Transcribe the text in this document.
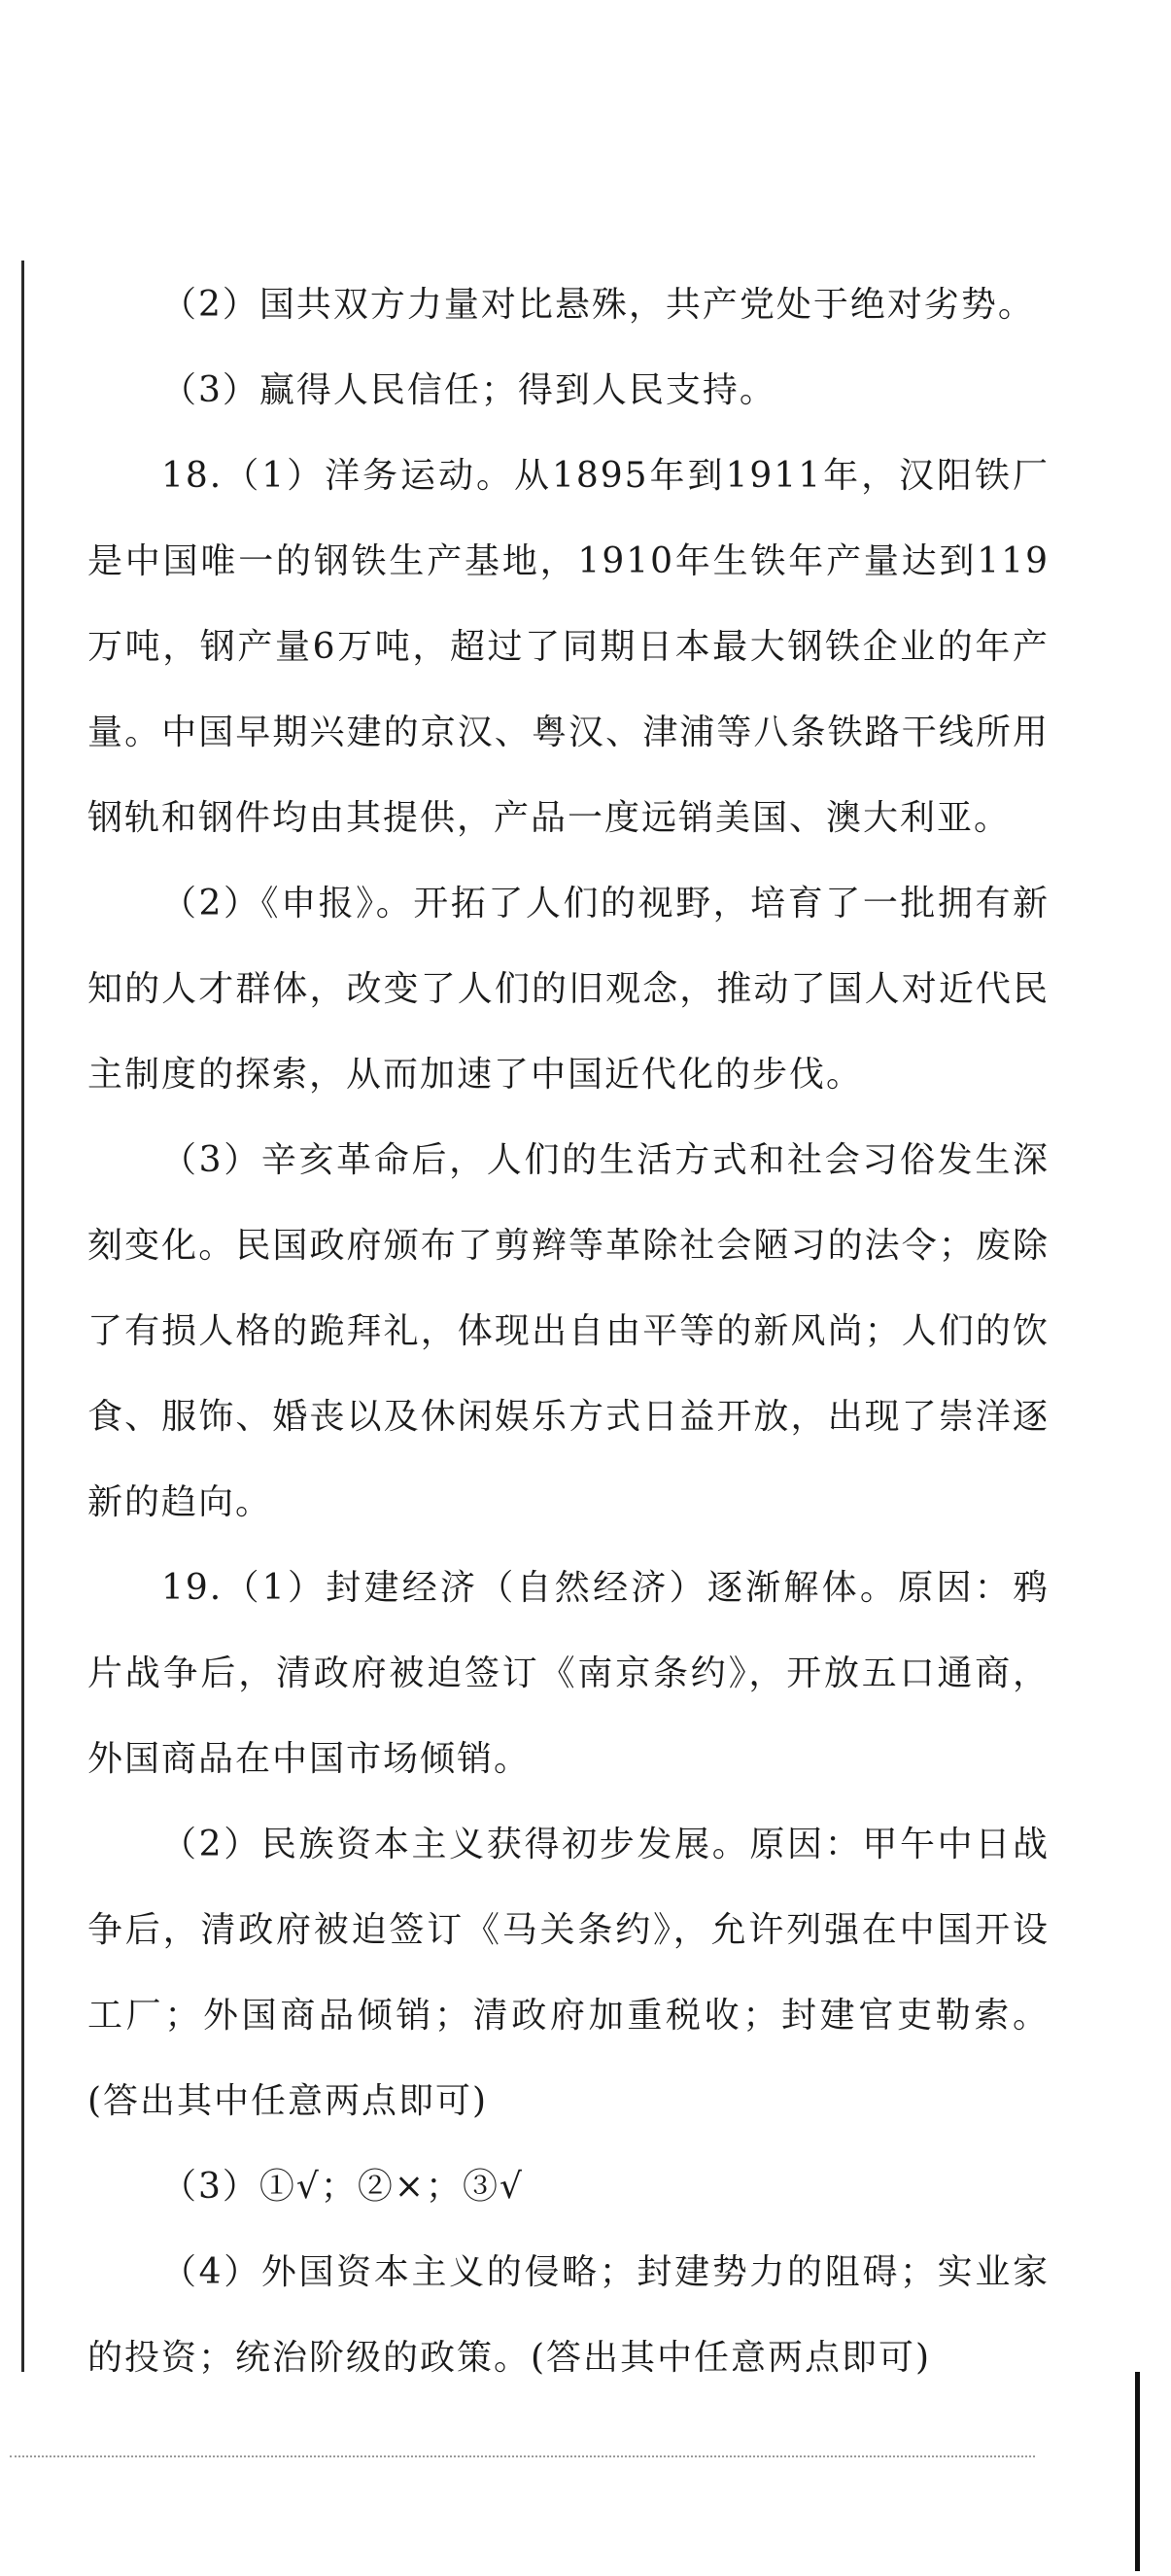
（2）国共双方力量对比悬殊，共产党处于绝对劣势。

（3）赢得人民信任；得到人民支持。

18.（1）洋务运动。从1895年到1911年，汉阳铁厂是中国唯一的钢铁生产基地，1910年生铁年产量达到119万吨，钢产量6万吨，超过了同期日本最大钢铁企业的年产量。中国早期兴建的京汉、粤汉、津浦等八条铁路干线所用钢轨和钢件均由其提供，产品一度远销美国、澳大利亚。

（2）《申报》。开拓了人们的视野，培育了一批拥有新知的人才群体，改变了人们的旧观念，推动了国人对近代民主制度的探索，从而加速了中国近代化的步伐。

（3）辛亥革命后，人们的生活方式和社会习俗发生深刻变化。民国政府颁布了剪辫等革除社会陋习的法令；废除了有损人格的跪拜礼，体现出自由平等的新风尚；人们的饮食、服饰、婚丧以及休闲娱乐方式日益开放，出现了崇洋逐新的趋向。

19.（1）封建经济（自然经济）逐渐解体。原因：鸦片战争后，清政府被迫签订《南京条约》，开放五口通商，外国商品在中国市场倾销。

（2）民族资本主义获得初步发展。原因：甲午中日战争后，清政府被迫签订《马关条约》，允许列强在中国开设工厂；外国商品倾销；清政府加重税收；封建官吏勒索。(答出其中任意两点即可)

（3）①√；②×；③√

（4）外国资本主义的侵略；封建势力的阻碍；实业家的投资；统治阶级的政策。(答出其中任意两点即可)
